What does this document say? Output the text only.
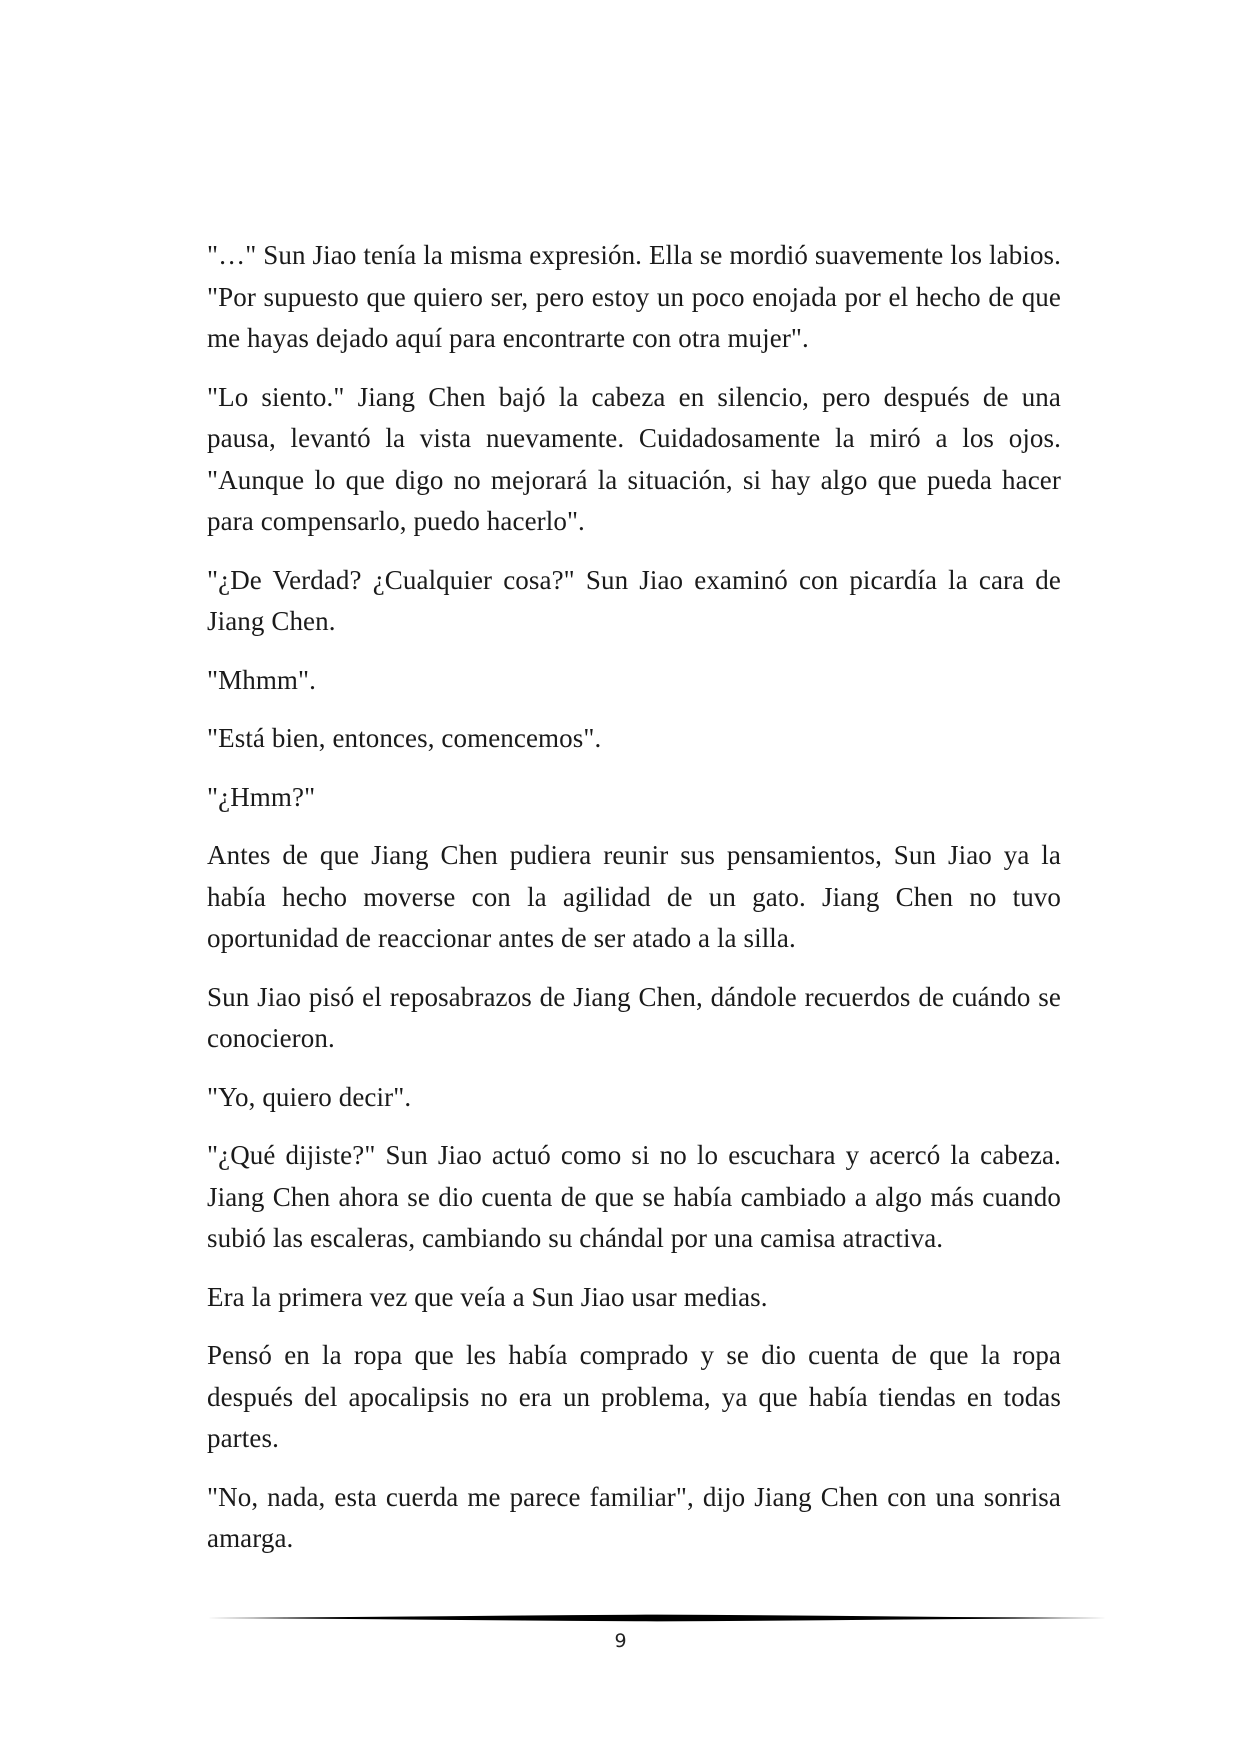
"…" Sun Jiao tenía la misma expresión. Ella se mordió suavemente los labios. "Por supuesto que quiero ser, pero estoy un poco enojada por el hecho de que me hayas dejado aquí para encontrarte con otra mujer".

"Lo siento." Jiang Chen bajó la cabeza en silencio, pero después de una pausa, levantó la vista nuevamente. Cuidadosamente la miró a los ojos. "Aunque lo que digo no mejorará la situación, si hay algo que pueda hacer para compensarlo, puedo hacerlo".

"¿De Verdad? ¿Cualquier cosa?" Sun Jiao examinó con picardía la cara de Jiang Chen.

"Mhmm".

"Está bien, entonces, comencemos".

"¿Hmm?"

Antes de que Jiang Chen pudiera reunir sus pensamientos, Sun Jiao ya la había hecho moverse con la agilidad de un gato. Jiang Chen no tuvo oportunidad de reaccionar antes de ser atado a la silla.

Sun Jiao pisó el reposabrazos de Jiang Chen, dándole recuerdos de cuándo se conocieron.

"Yo, quiero decir".

"¿Qué dijiste?" Sun Jiao actuó como si no lo escuchara y acercó la cabeza. Jiang Chen ahora se dio cuenta de que se había cambiado a algo más cuando subió las escaleras, cambiando su chándal por una camisa atractiva.

Era la primera vez que veía a Sun Jiao usar medias.

Pensó en la ropa que les había comprado y se dio cuenta de que la ropa después del apocalipsis no era un problema, ya que había tiendas en todas partes.

"No, nada, esta cuerda me parece familiar", dijo Jiang Chen con una sonrisa amarga.

9
